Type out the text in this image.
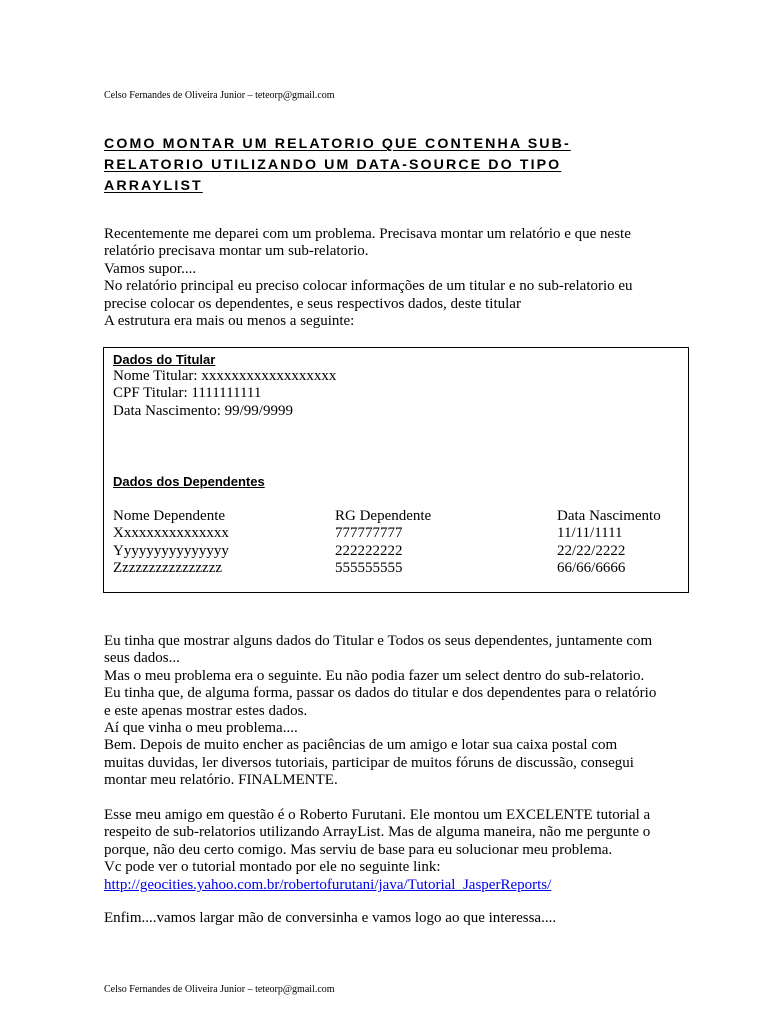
Celso Fernandes de Oliveira Junior – teteorp@gmail.com
COMO MONTAR UM RELATORIO QUE CONTENHA SUB-
RELATORIO UTILIZANDO UM DATA-SOURCE DO TIPO
ARRAYLIST

Recentemente me deparei com um problema. Precisava montar um relatório e que neste

relatório precisava montar um sub-relatorio.

Vamos supor....

No relatório principal eu preciso colocar informações de um titular e no sub-relatorio eu

precise colocar os dependentes, e seus respectivos dados, deste titular

A estrutura era mais ou menos a seguinte:

Dados do Titular
Nome Titular: xxxxxxxxxxxxxxxxxx
CPF Titular: 1111111111
Data Nascimento: 99/99/9999
Dados dos Dependentes
Nome Dependente
Xxxxxxxxxxxxxxx
Yyyyyyyyyyyyyyy
Zzzzzzzzzzzzzzzz
RG Dependente
777777777
222222222
555555555
Data Nascimento
11/11/1111
22/22/2222
66/66/6666

Eu tinha que mostrar alguns dados do Titular e Todos os seus dependentes, juntamente com

seus dados...

Mas o meu problema era o seguinte. Eu não podia fazer um select dentro do sub-relatorio.

Eu tinha que, de alguma forma, passar os dados do titular e dos dependentes para o relatório

e este apenas mostrar estes dados.

Aí que vinha o meu problema....

Bem. Depois de muito encher as paciências de um amigo e lotar sua caixa postal com

muitas duvidas, ler diversos tutoriais, participar de muitos fóruns de discussão, consegui

montar meu relatório. FINALMENTE.

Esse meu amigo em questão é o Roberto Furutani. Ele montou um EXCELENTE tutorial a

respeito de sub-relatorios utilizando ArrayList. Mas de alguma maneira, não me pergunte o

porque, não deu certo comigo. Mas serviu de base para eu solucionar meu problema.

Vc pode ver o tutorial montado por ele no seguinte link:

http://geocities.yahoo.com.br/robertofurutani/java/Tutorial_JasperReports/

Enfim....vamos largar mão de conversinha e vamos logo ao que interessa....
Celso Fernandes de Oliveira Junior – teteorp@gmail.com
